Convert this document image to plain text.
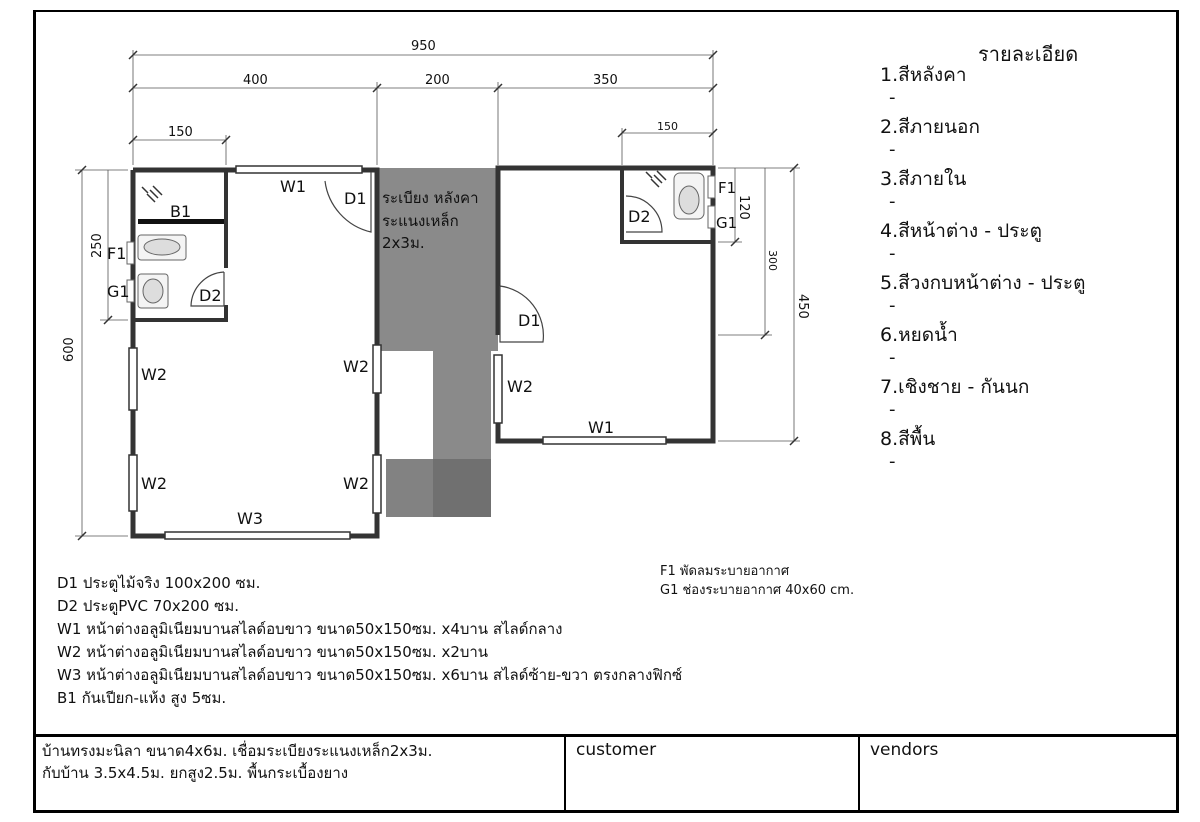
950
400	200	350
150	150
600
250
450
300
120
ระเบียง หลังคา
ระแนงเหล็ก
2x3ม.
W1
D1
B1
F1
G1	D2
W2	W2
W2	W2
W3
D2
F1
G1
D1
W2
W1
รายละเอียด
1.สีหลังคา
-
2.สีภายนอก
-
3.สีภายใน
-
4.สีหน้าต่าง - ประตู
-
5.สีวงกบหน้าต่าง - ประตู
-
6.หยดน้ำ
-
7.เชิงชาย - กันนก
-
8.สีพื้น
-
D1 ประตูไม้จริง 100x200 ซม.
D2 ประตูPVC 70x200 ซม.
W1 หน้าต่างอลูมิเนียมบานสไลด์อบขาว ขนาด50x150ซม. x4บาน สไลด์กลาง
W2 หน้าต่างอลูมิเนียมบานสไลด์อบขาว ขนาด50x150ซม. x2บาน
W3 หน้าต่างอลูมิเนียมบานสไลด์อบขาว ขนาด50x150ซม. x6บาน สไลด์ซ้าย-ขวา ตรงกลางฟิกซ์
B1 กันเปียก-แห้ง สูง 5ซม.
F1 พัดลมระบายอากาศ
G1 ช่องระบายอากาศ 40x60 cm.
บ้านทรงมะนิลา ขนาด4x6ม. เชื่อมระเบียงระแนงเหล็ก2x3ม.
กับบ้าน 3.5x4.5ม. ยกสูง2.5ม. พื้นกระเบื้องยาง
customer	vendors
